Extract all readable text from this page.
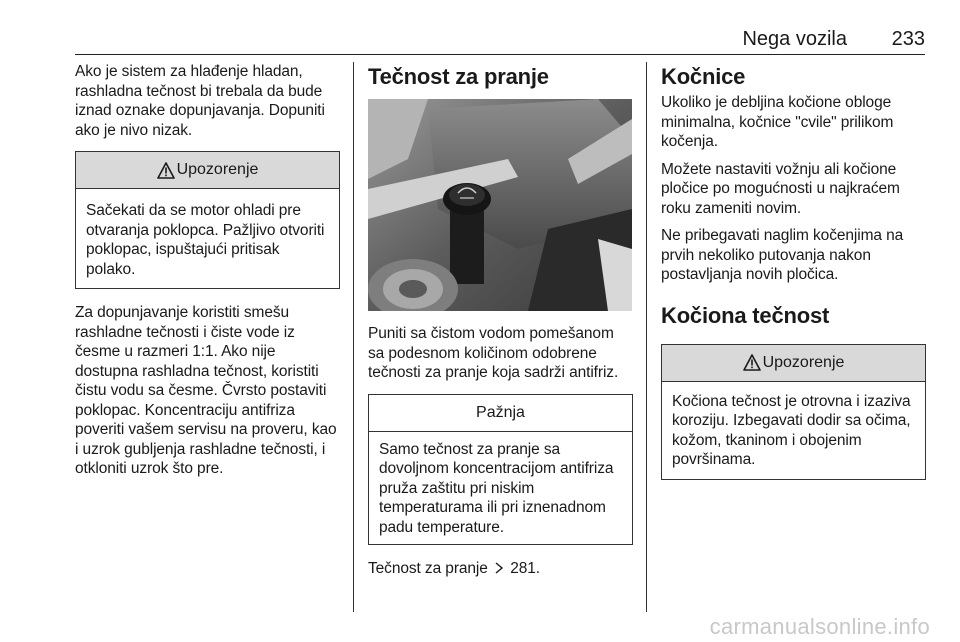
Nega vozila 233

Ako je sistem za hlađenje hladan, rashladna tečnost bi trebala da bude iznad oznake dopunjavanja. Dopuniti ako je nivo nizak.

Upozorenje

Sačekati da se motor ohladi pre otvaranja poklopca. Pažljivo otvoriti poklopac, ispuštajući pritisak polako.

Za dopunjavanje koristiti smešu rashladne tečnosti i čiste vode iz česme u razmeri 1:1. Ako nije dostupna rashladna tečnost, koristiti čistu vodu sa česme. Čvrsto postaviti poklopac. Koncentraciju antifriza poveriti vašem servisu na proveru, kao i uzrok gubljenja rashladne tečnosti, i otkloniti uzrok što pre.

Tečnost za pranje

Puniti sa čistom vodom pomešanom sa podesnom količinom odobrene tečnosti za pranje koja sadrži antifriz.

Pažnja

Samo tečnost za pranje sa dovoljnom koncentracijom antifriza pruža zaštitu pri niskim temperaturama ili pri iznenadnom padu temperature.

Tečnost za pranje 281.

Kočnice

Ukoliko je debljina kočione obloge minimalna, kočnice "cvile" prilikom kočenja.

Možete nastaviti vožnju ali kočione pločice po mogućnosti u najkraćem roku zameniti novim.

Ne pribegavati naglim kočenjima na prvih nekoliko putovanja nakon postavljanja novih pločica.

Kočiona tečnost
Upozorenje

Kočiona tečnost je otrovna i izaziva koroziju. Izbegavati dodir sa očima, kožom, tkaninom i obojenim površinama.

carmanualsonline.info
